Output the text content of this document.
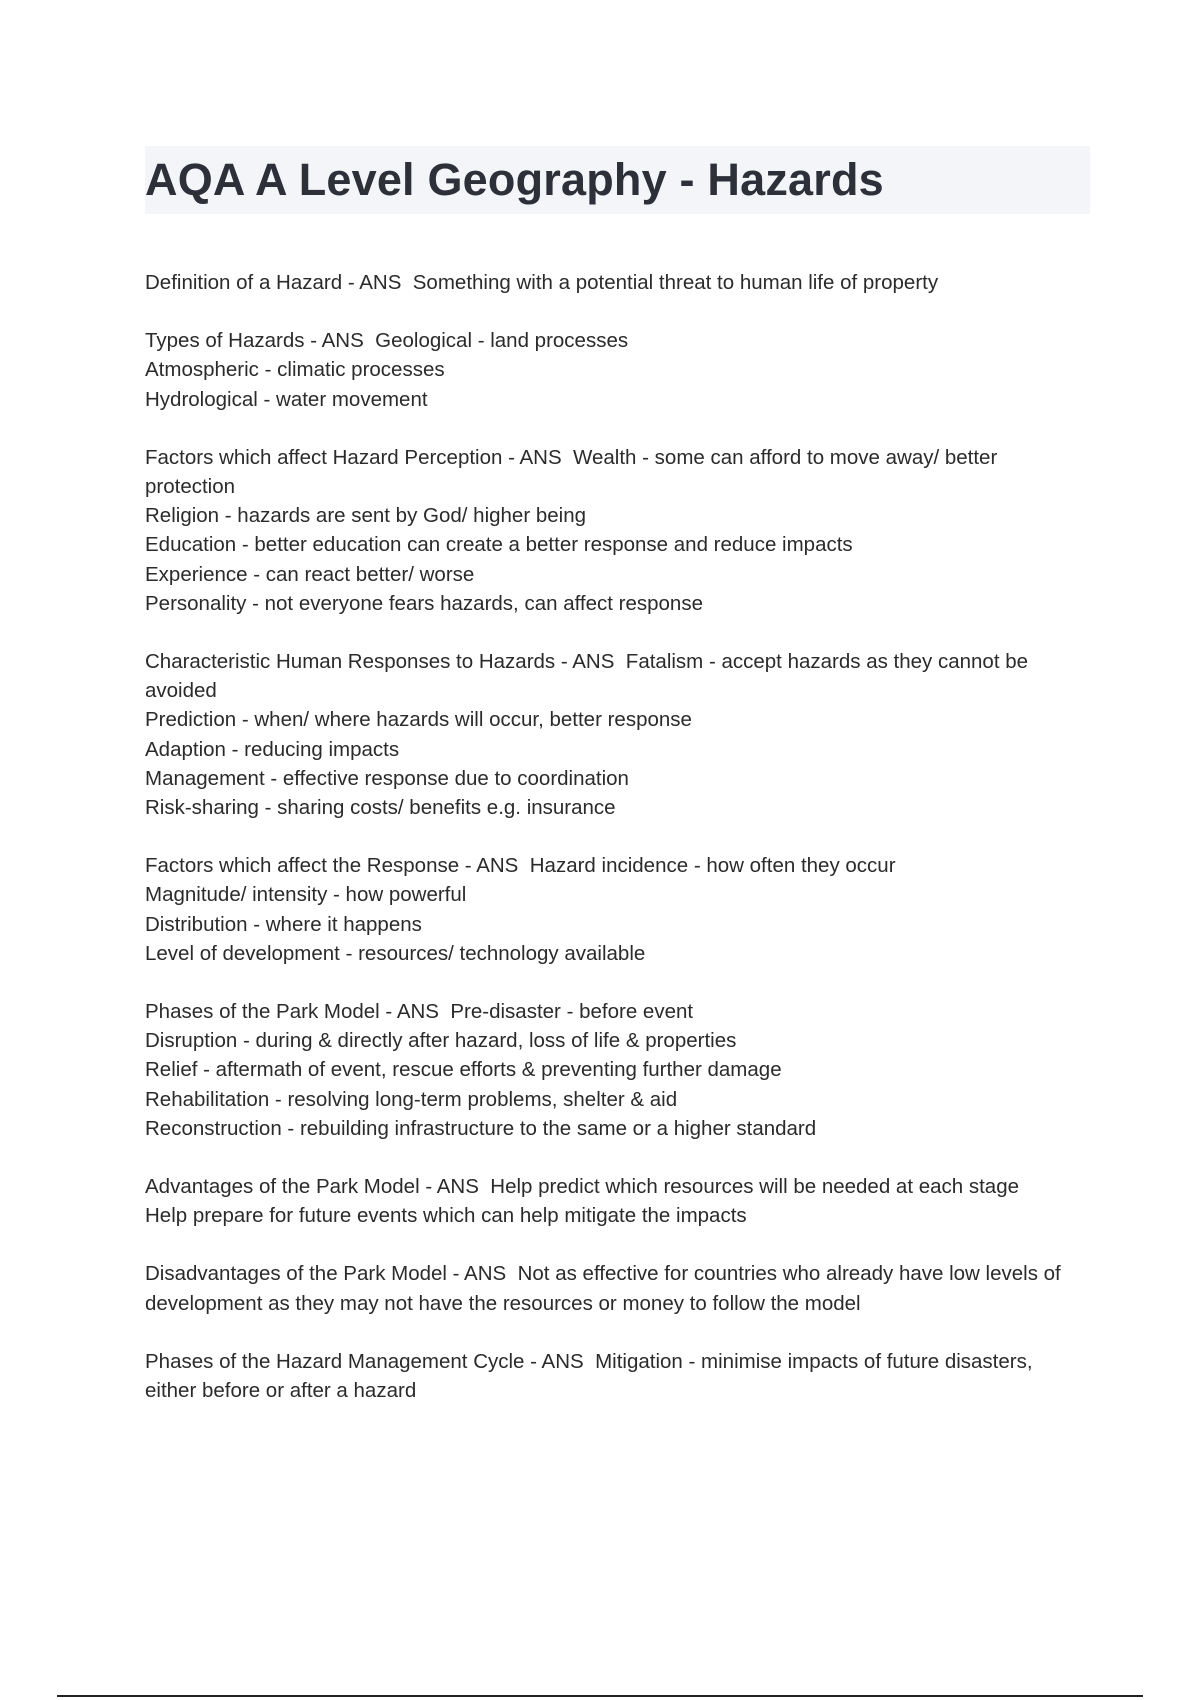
AQA A Level Geography - Hazards
Definition of a Hazard - ANS  Something with a potential threat to human life of property
Types of Hazards - ANS  Geological - land processes
Atmospheric - climatic processes
Hydrological - water movement
Factors which affect Hazard Perception - ANS  Wealth - some can afford to move away/ better protection
Religion - hazards are sent by God/ higher being
Education - better education can create a better response and reduce impacts
Experience - can react better/ worse
Personality - not everyone fears hazards, can affect response
Characteristic Human Responses to Hazards - ANS  Fatalism - accept hazards as they cannot be avoided
Prediction - when/ where hazards will occur, better response
Adaption - reducing impacts
Management - effective response due to coordination
Risk-sharing - sharing costs/ benefits e.g. insurance
Factors which affect the Response - ANS  Hazard incidence - how often they occur
Magnitude/ intensity - how powerful
Distribution - where it happens
Level of development - resources/ technology available
Phases of the Park Model - ANS  Pre-disaster - before event
Disruption - during & directly after hazard, loss of life & properties
Relief - aftermath of event, rescue efforts & preventing further damage
Rehabilitation - resolving long-term problems, shelter & aid
Reconstruction - rebuilding infrastructure to the same or a higher standard
Advantages of the Park Model - ANS  Help predict which resources will be needed at each stage
Help prepare for future events which can help mitigate the impacts
Disadvantages of the Park Model - ANS  Not as effective for countries who already have low levels of development as they may not have the resources or money to follow the model
Phases of the Hazard Management Cycle - ANS  Mitigation - minimise impacts of future disasters, either before or after a hazard
